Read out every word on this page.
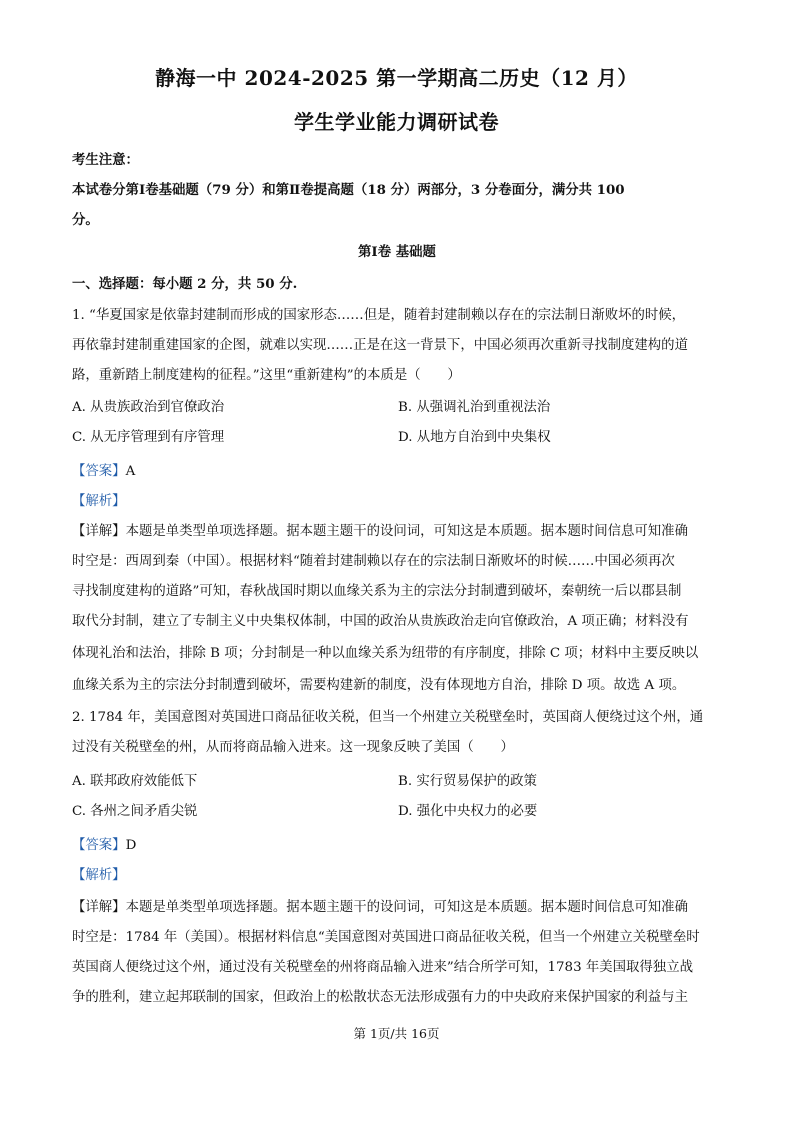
静海一中 2024-2025 第一学期高二历史（12 月）
学生学业能力调研试卷
考生注意：
本试卷分第Ⅰ卷基础题（79 分）和第Ⅱ卷提高题（18 分）两部分，3 分卷面分，满分共 100
分。
第Ⅰ卷 基础题
一、选择题：每小题 2 分，共 50 分.
1. “华夏国家是依靠封建制而形成的国家形态……但是，随着封建制赖以存在的宗法制日渐败坏的时候，
再依靠封建制重建国家的企图，就难以实现……正是在这一背景下，中国必须再次重新寻找制度建构的道
路，重新踏上制度建构的征程。”这里“重新建构”的本质是（　　）
A. 从贵族政治到官僚政治	B. 从强调礼治到重视法治
C. 从无序管理到有序管理	D. 从地方自治到中央集权
【答案】A
【解析】
【详解】本题是单类型单项选择题。据本题主题干的设问词，可知这是本质题。据本题时间信息可知准确
时空是：西周到秦（中国）。根据材料“随着封建制赖以存在的宗法制日渐败坏的时候……中国必须再次
寻找制度建构的道路”可知，春秋战国时期以血缘关系为主的宗法分封制遭到破坏，秦朝统一后以郡县制
取代分封制，建立了专制主义中央集权体制，中国的政治从贵族政治走向官僚政治，A 项正确；材料没有
体现礼治和法治，排除 B 项；分封制是一种以血缘关系为纽带的有序制度，排除 C 项；材料中主要反映以
血缘关系为主的宗法分封制遭到破坏，需要构建新的制度，没有体现地方自治，排除 D 项。故选 A 项。
2. 1784 年，美国意图对英国进口商品征收关税，但当一个州建立关税壁垒时，英国商人便绕过这个州，通
过没有关税壁垒的州，从而将商品输入进来。这一现象反映了美国（　　）
A. 联邦政府效能低下	B. 实行贸易保护的政策
C. 各州之间矛盾尖锐	D. 强化中央权力的必要
【答案】D
【解析】
【详解】本题是单类型单项选择题。据本题主题干的设问词，可知这是本质题。据本题时间信息可知准确
时空是：1784 年（美国）。根据材料信息“美国意图对英国进口商品征收关税，但当一个州建立关税壁垒时
英国商人便绕过这个州，通过没有关税壁垒的州将商品输入进来”结合所学可知，1783 年美国取得独立战
争的胜利，建立起邦联制的国家，但政治上的松散状态无法形成强有力的中央政府来保护国家的利益与主
第 1页/共 16页
